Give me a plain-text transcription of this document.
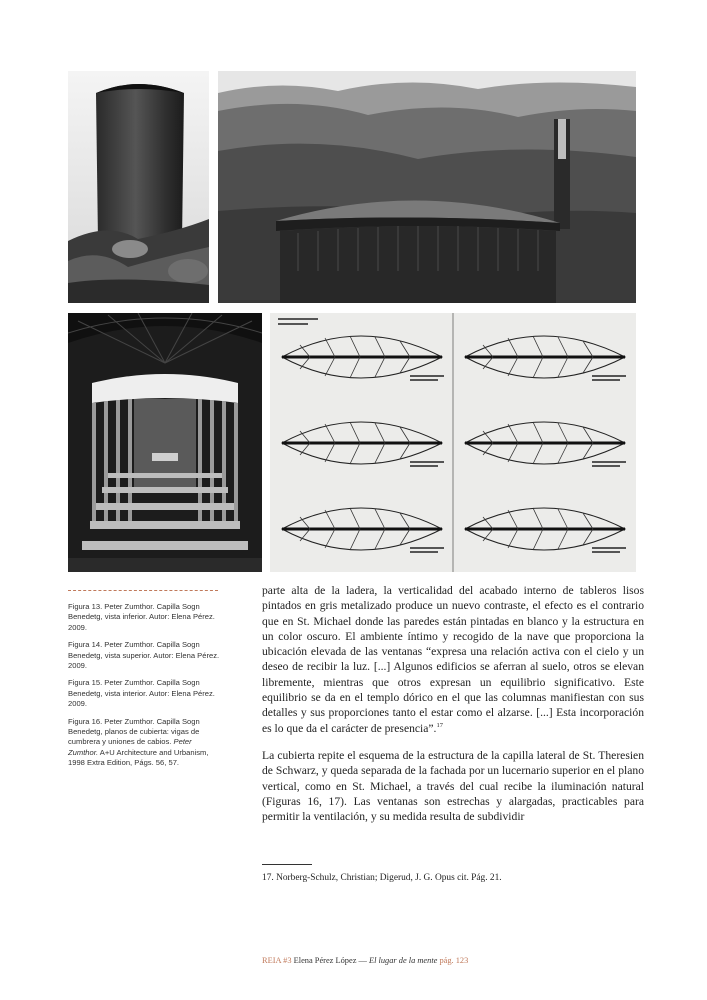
Figura 13. Peter Zumthor. Capilla Sogn Benedetg, vista inferior. Autor: Elena Pérez. 2009.

Figura 14. Peter Zumthor. Capilla Sogn Benedetg, vista superior. Autor: Elena Pérez. 2009.

Figura 15. Peter Zumthor. Capilla Sogn Benedetg, vista interior. Autor: Elena Pérez. 2009.

Figura 16. Peter Zumthor. Capilla Sogn Benedetg, planos de cubierta: vigas de cumbrera y uniones de cabios. Peter Zumthor. A+U Architecture and Urbanism, 1998 Extra Edition, Págs. 56, 57.

parte alta de la ladera, la verticalidad del acabado interno de tableros lisos pintados en gris metalizado produce un nuevo contraste, el efecto es el contrario que en St. Michael donde las paredes están pintadas en blanco y la estructura en un color oscuro. El ambiente íntimo y recogido de la nave que proporciona la ubicación elevada de las ventanas “expresa una relación activa con el cielo y un deseo de recibir la luz. [...] Algunos edificios se aferran al suelo, otros se elevan libremente, mientras que otros expresan un equilibrio significativo. Este equilibrio se da en el templo dórico en el que las columnas manifiestan con sus detalles y sus proporciones tanto el estar como el alzarse. [...] Esta incorporación es lo que da el carácter de presencia”.$^{17}$

La cubierta repite el esquema de la estructura de la capilla lateral de St. Theresien de Schwarz, y queda separada de la fachada por un lucernario superior en el plano vertical, como en St. Michael, a través del cual recibe la iluminación natural (Figuras 16, 17). Las ventanas son estrechas y alargadas, practicables para permitir la ventilación, y su medida resulta de subdividir

17. Norberg-Schulz, Christian; Digerud, J. G. Opus cit. Pág. 21.
REIA #3 Elena Pérez López — El lugar de la mente pág. 123
